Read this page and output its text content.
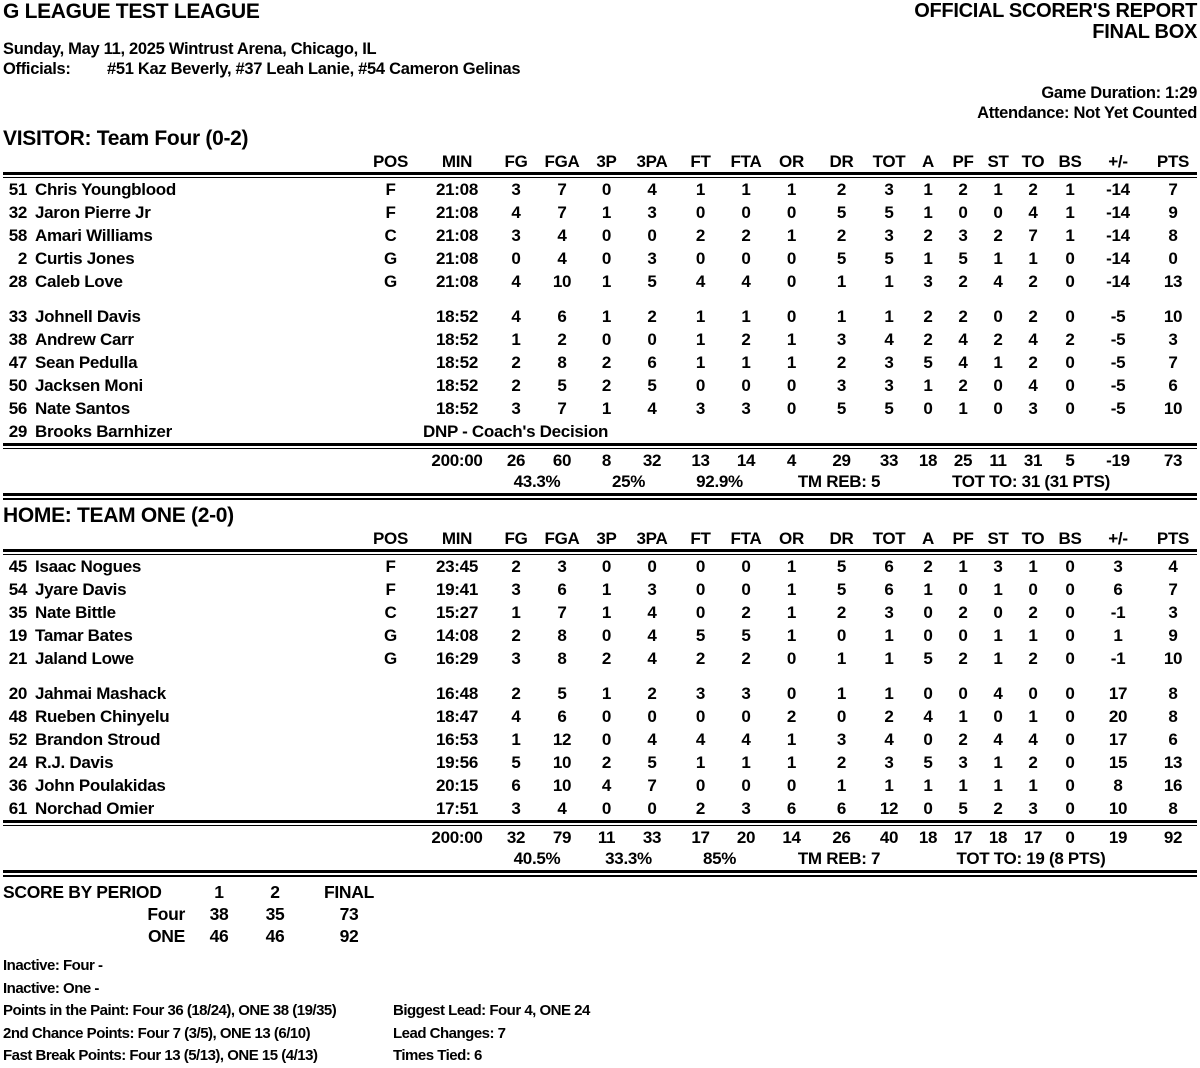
G LEAGUE TEST LEAGUE
Sunday, May 11, 2025 Wintrust Arena, Chicago, IL
Officials: #51 Kaz Beverly, #37 Leah Lanie, #54 Cameron Gelinas
OFFICIAL SCORER'S REPORT
FINAL BOX
Game Duration: 1:29
Attendance: Not Yet Counted
VISITOR: Team Four (0-2)
	POS	MIN	FG	FGA	3P	3PA	FT	FTA	OR	DR	TOT	A	PF	ST	TO	BS	+/-	PTS

51 Chris Youngblood	F	21:08	3	7	0	4	1	1	1	2	3	1	2	1	2	1	-14	7
32 Jaron Pierre Jr	F	21:08	4	7	1	3	0	0	0	5	5	1	0	0	4	1	-14	9
58 Amari Williams	C	21:08	3	4	0	0	2	2	1	2	3	2	3	2	7	1	-14	8
2 Curtis Jones	G	21:08	0	4	0	3	0	0	0	5	5	1	5	1	1	0	-14	0
28 Caleb Love	G	21:08	4	10	1	5	4	4	0	1	1	3	2	4	2	0	-14	13

33 Johnell Davis		18:52	4	6	1	2	1	1	0	1	1	2	2	0	2	0	-5	10
38 Andrew Carr		18:52	1	2	0	0	1	2	1	3	4	2	4	2	4	2	-5	3
47 Sean Pedulla		18:52	2	8	2	6	1	1	1	2	3	5	4	1	2	0	-5	7
50 Jacksen Moni		18:52	2	5	2	5	0	0	0	3	3	1	2	0	4	0	-5	6
56 Nate Santos		18:52	3	7	1	4	3	3	0	5	5	0	1	0	3	0	-5	10
29 Brooks Barnhizer		DNP - Coach's Decision																

		200:00	26	60	8	32	13	14	4	29	33	18	25	11	31	5	-19	73
			43.3%		25%		92.9%		TM REB: 5			TOT TO: 31 (31 PTS)						
HOME: TEAM ONE (2-0)
	POS	MIN	FG	FGA	3P	3PA	FT	FTA	OR	DR	TOT	A	PF	ST	TO	BS	+/-	PTS

45 Isaac Nogues	F	23:45	2	3	0	0	0	0	1	5	6	2	1	3	1	0	3	4
54 Jyare Davis	F	19:41	3	6	1	3	0	0	1	5	6	1	0	1	0	0	6	7
35 Nate Bittle	C	15:27	1	7	1	4	0	2	1	2	3	0	2	0	2	0	-1	3
19 Tamar Bates	G	14:08	2	8	0	4	5	5	1	0	1	0	0	1	1	0	1	9
21 Jaland Lowe	G	16:29	3	8	2	4	2	2	0	1	1	5	2	1	2	0	-1	10

20 Jahmai Mashack		16:48	2	5	1	2	3	3	0	1	1	0	0	4	0	0	17	8
48 Rueben Chinyelu		18:47	4	6	0	0	0	0	2	0	2	4	1	0	1	0	20	8
52 Brandon Stroud		16:53	1	12	0	4	4	4	1	3	4	0	2	4	4	0	17	6
24 R.J. Davis		19:56	5	10	2	5	1	1	1	2	3	5	3	1	2	0	15	13
36 John Poulakidas		20:15	6	10	4	7	0	0	0	1	1	1	1	1	1	0	8	16
61 Norchad Omier		17:51	3	4	0	0	2	3	6	6	12	0	5	2	3	0	10	8

		200:00	32	79	11	33	17	20	14	26	40	18	17	18	17	0	19	92
			40.5%		33.3%		85%		TM REB: 7			TOT TO: 19 (8 PTS)						
SCORE BY PERIOD	1	2	FINAL
Four	38	35	73
ONE	46	46	92
Inactive: Four -
Inactive: One -
Points in the Paint: Four 36 (18/24), ONE 38 (19/35)	Biggest Lead: Four 4, ONE 24
2nd Chance Points: Four 7 (3/5), ONE 13 (6/10)	Lead Changes: 7
Fast Break Points: Four 13 (5/13), ONE 15 (4/13)	Times Tied: 6
